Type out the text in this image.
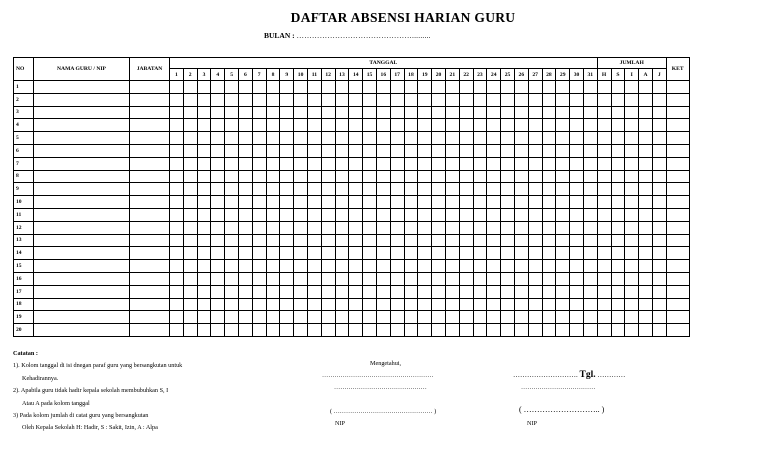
DAFTAR ABSENSI HARIAN GURU
BULAN : ……………………………………….........
NO	NAMA GURU / NIP	JABATAN	TANGGAL																															JUMLAH					KET
			1	2	3	4	5	6	7	8	9	10	11	12	13	14	15	16	17	18	19	20	21	22	23	24	25	26	27	28	29	30	31	H	S	I	A	J	
1																																							
2																																							
3																																							
4																																							
5																																							
6																																							
7																																							
8																																							
9																																							
10																																							
11																																							
12																																							
13																																							
14																																							
15																																							
16																																							
17																																							
18																																							
19																																							
20																																							
Catatan :
1). Kolom tanggal di isi dnegan paraf guru yang bersangkutan untuk
Kehadirannya.
2). Apabila guru tidak hadir kepala sekolah membubuhkan S, I
Atau A pada kolom tanggal
3) Pada kolom jumlah di catat guru yang bersangkutan
Oleh Kepala Sekolah H: Hadir, S : Sakit, Izin, A : Alpa
Mengetahui,
………………………………………………
………………………………………
( ………………………………………… )
NIP
………………………. Tgl. …………
………………………………
( ……………………….. )
NIP
